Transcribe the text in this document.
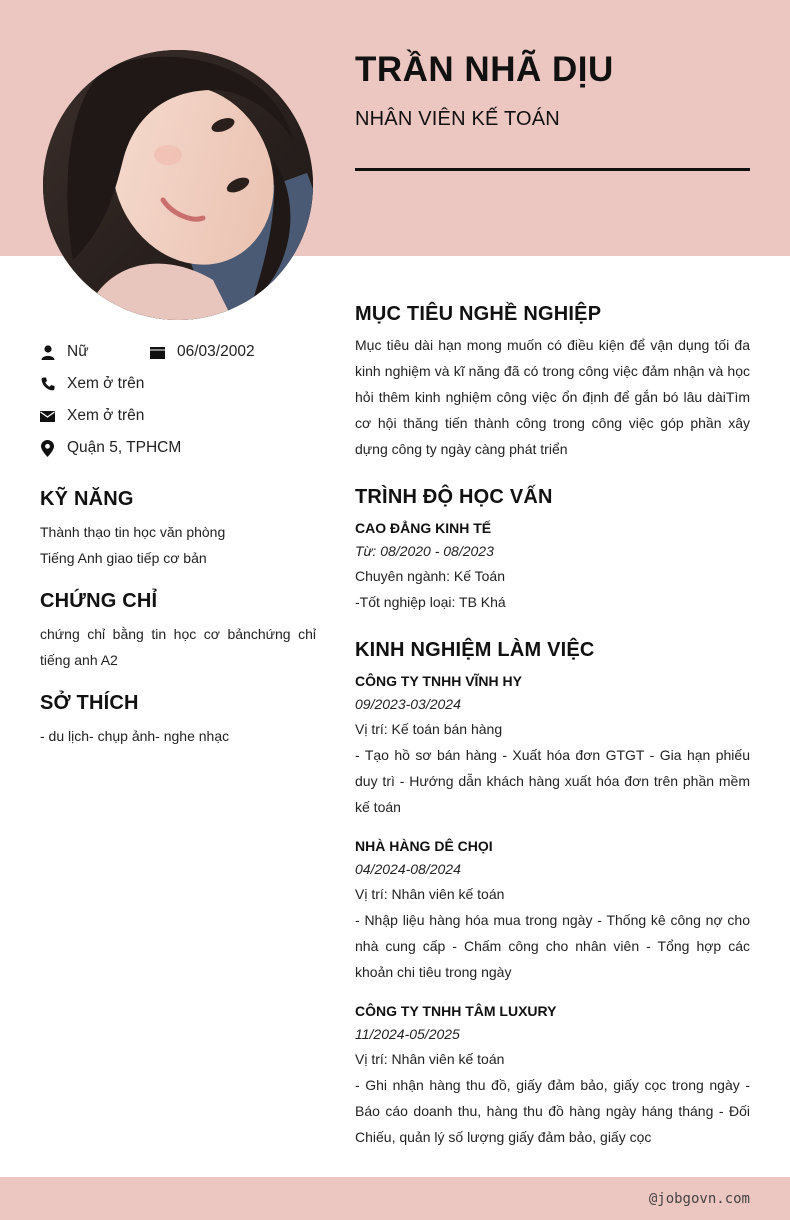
TRẦN NHÃ DỊU
NHÂN VIÊN KẾ TOÁN
Nữ	06/03/2002
Xem ở trên
Xem ở trên
Quận 5, TPHCM
KỸ NĂNG
Thành thạo tin học văn phòng
Tiếng Anh giao tiếp cơ bản
CHỨNG CHỈ
chứng chỉ bằng tin học cơ bảnchứng chỉ tiếng anh A2
SỞ THÍCH
- du lịch- chụp ảnh- nghe nhạc
MỤC TIÊU NGHỀ NGHIỆP
Mục tiêu dài hạn mong muốn có điều kiện để vận dụng tối đa kinh nghiệm và kĩ năng đã có trong công việc đảm nhận và học hỏi thêm kinh nghiệm công việc ổn định để gắn bó lâu dàiTìm cơ hội thăng tiến thành công trong công việc góp phần xây dựng công ty ngày càng phát triển
TRÌNH ĐỘ HỌC VẤN
CAO ĐẲNG KINH TẾ
Từ: 08/2020 - 08/2023
Chuyên ngành: Kế Toán
-Tốt nghiệp loại: TB Khá
KINH NGHIỆM LÀM VIỆC
CÔNG TY TNHH VĨNH HY
09/2023-03/2024
Vị trí: Kế toán bán hàng
- Tạo hồ sơ bán hàng - Xuất hóa đơn GTGT - Gia hạn phiếu duy trì - Hướng dẫn khách hàng xuất hóa đơn trên phần mềm kế toán
NHÀ HÀNG DÊ CHỌI
04/2024-08/2024
Vị trí: Nhân viên kế toán
- Nhập liệu hàng hóa mua trong ngày - Thống kê công nợ cho nhà cung cấp - Chấm công cho nhân viên - Tổng hợp các khoản chi tiêu trong ngày
CÔNG TY TNHH TÂM LUXURY
11/2024-05/2025
Vị trí: Nhân viên kế toán
- Ghi nhận hàng thu đồ, giấy đảm bảo, giấy cọc trong ngày - Báo cáo doanh thu, hàng thu đồ hàng ngày háng tháng - Đối Chiếu, quản lý số lượng giấy đảm bảo, giấy cọc
@jobgovn.com
